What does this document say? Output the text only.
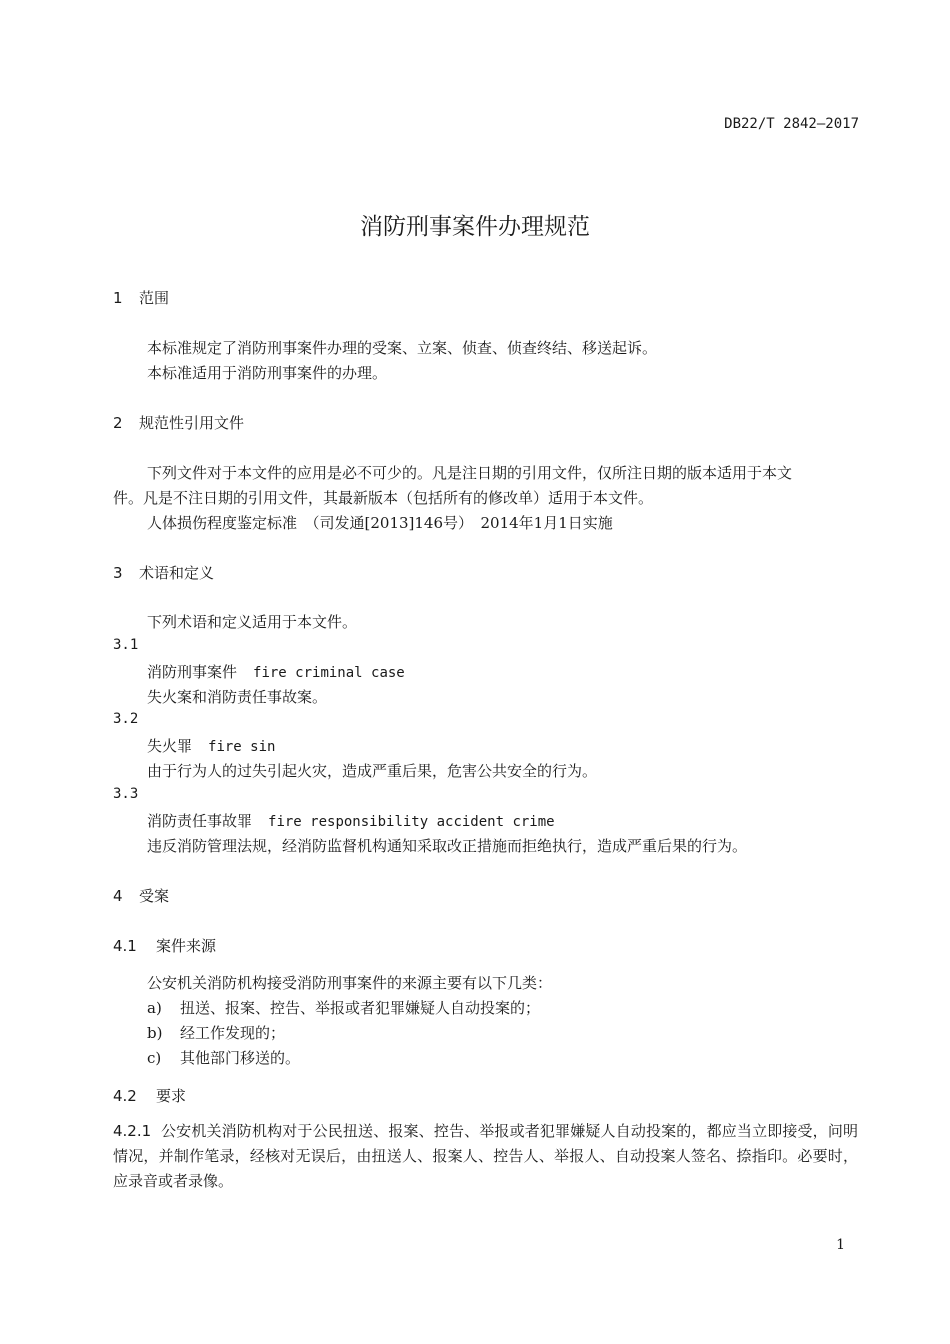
DB22/T 2842—2017
消防刑事案件办理规范
1 范围
本标准规定了消防刑事案件办理的受案、立案、侦查、侦查终结、移送起诉。
本标准适用于消防刑事案件的办理。
2 规范性引用文件
下列文件对于本文件的应用是必不可少的。凡是注日期的引用文件，仅所注日期的版本适用于本文
件。凡是不注日期的引用文件，其最新版本（包括所有的修改单）适用于本文件。
人体损伤程度鉴定标准　（司发通[2013]146号）　2014年1月1日实施
3 术语和定义
下列术语和定义适用于本文件。
3.1
消防刑事案件 fire criminal case
失火案和消防责任事故案。
3.2
失火罪 fire sin
由于行为人的过失引起火灾，造成严重后果，危害公共安全的行为。
3.3
消防责任事故罪 fire responsibility accident crime
违反消防管理法规，经消防监督机构通知采取改正措施而拒绝执行，造成严重后果的行为。
4 受案
4.1 案件来源
公安机关消防机构接受消防刑事案件的来源主要有以下几类：
a) 扭送、报案、控告、举报或者犯罪嫌疑人自动投案的；
b) 经工作发现的；
c) 其他部门移送的。
4.2 要求
4.2.1 公安机关消防机构对于公民扭送、报案、控告、举报或者犯罪嫌疑人自动投案的，都应当立即接受，问明情况，并制作笔录，经核对无误后，由扭送人、报案人、控告人、举报人、自动投案人签名、捺指印。必要时，应录音或者录像。
1
